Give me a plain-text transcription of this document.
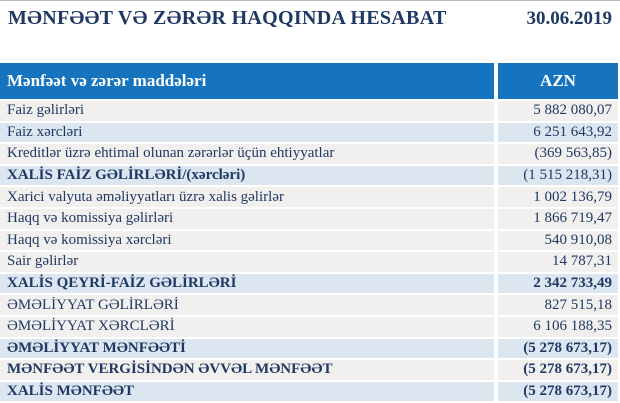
MƏNFƏƏT VƏ ZƏRƏR HAQQINDA HESABAT	30.06.2019
Mənfəət və zərər maddələri	AZN
Faiz gəlirləri	5 882 080,07
Faiz xərcləri	6 251 643,92
Kreditlər üzrə ehtimal olunan zərərlər üçün ehtiyyatlar	(369 563,85)
XALİS FAİZ GƏLİRLƏRİ/(xərcləri)	(1 515 218,31)
Xarici valyuta əməliyyatları üzrə xalis gəlirlər	1 002 136,79
Haqq və komissiya gəlirləri	1 866 719,47
Haqq və komissiya xərcləri	540 910,08
Sair gəlirlər	14 787,31
XALİS QEYRİ-FAİZ GƏLİRLƏRİ	2 342 733,49
ƏMƏLİYYAT GƏLİRLƏRİ	827 515,18
ƏMƏLİYYAT XƏRCLƏRİ	6 106 188,35
ƏMƏLİYYAT MƏNFƏƏTİ	(5 278 673,17)
MƏNFƏƏT VERGİSİNDƏN ƏVVƏL MƏNFƏƏT	(5 278 673,17)
XALİS MƏNFƏƏT	(5 278 673,17)
